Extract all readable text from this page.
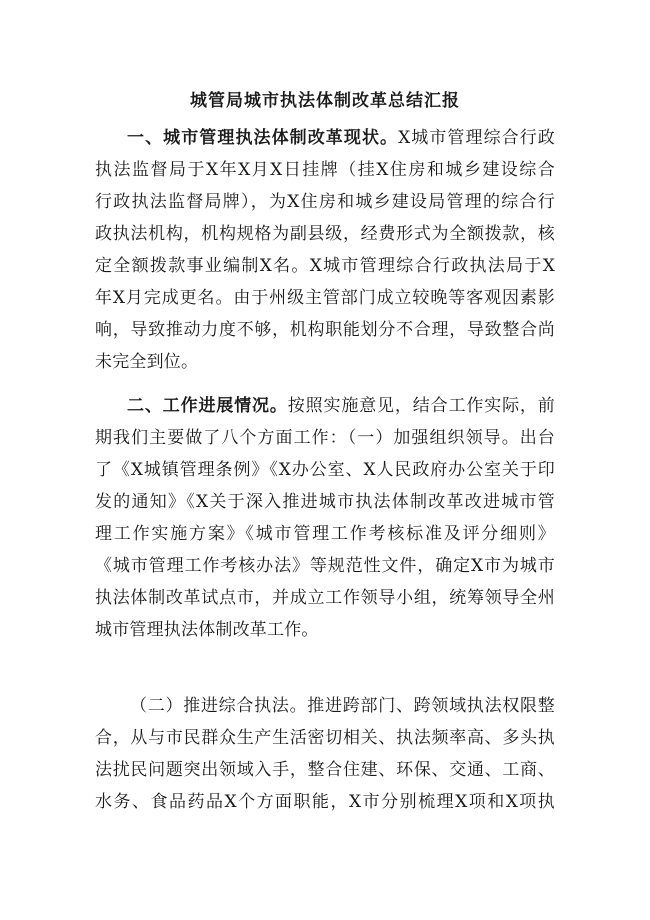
城管局城市执法体制改革总结汇报
一、城市管理执法体制改革现状。X城市管理综合行政
执法监督局于X年X月X日挂牌（挂X住房和城乡建设综合
行政执法监督局牌），为X住房和城乡建设局管理的综合行
政执法机构，机构规格为副县级，经费形式为全额拨款，核
定全额拨款事业编制X名。X城市管理综合行政执法局于X
年X月完成更名。由于州级主管部门成立较晚等客观因素影
响，导致推动力度不够，机构职能划分不合理，导致整合尚
未完全到位。
二、工作进展情况。按照实施意见，结合工作实际，前
期我们主要做了八个方面工作：（一）加强组织领导。出台
了《X城镇管理条例》《X办公室、X人民政府办公室关于印
发的通知》《X关于深入推进城市执法体制改革改进城市管
理工作实施方案》《城市管理工作考核标准及评分细则》
《城市管理工作考核办法》等规范性文件，确定X市为城市
执法体制改革试点市，并成立工作领导小组，统筹领导全州
城市管理执法体制改革工作。
（二）推进综合执法。推进跨部门、跨领域执法权限整
合，从与市民群众生产生活密切相关、执法频率高、多头执
法扰民问题突出领域入手，整合住建、环保、交通、工商、
水务、食品药品X个方面职能，X市分别梳理X项和X项执
